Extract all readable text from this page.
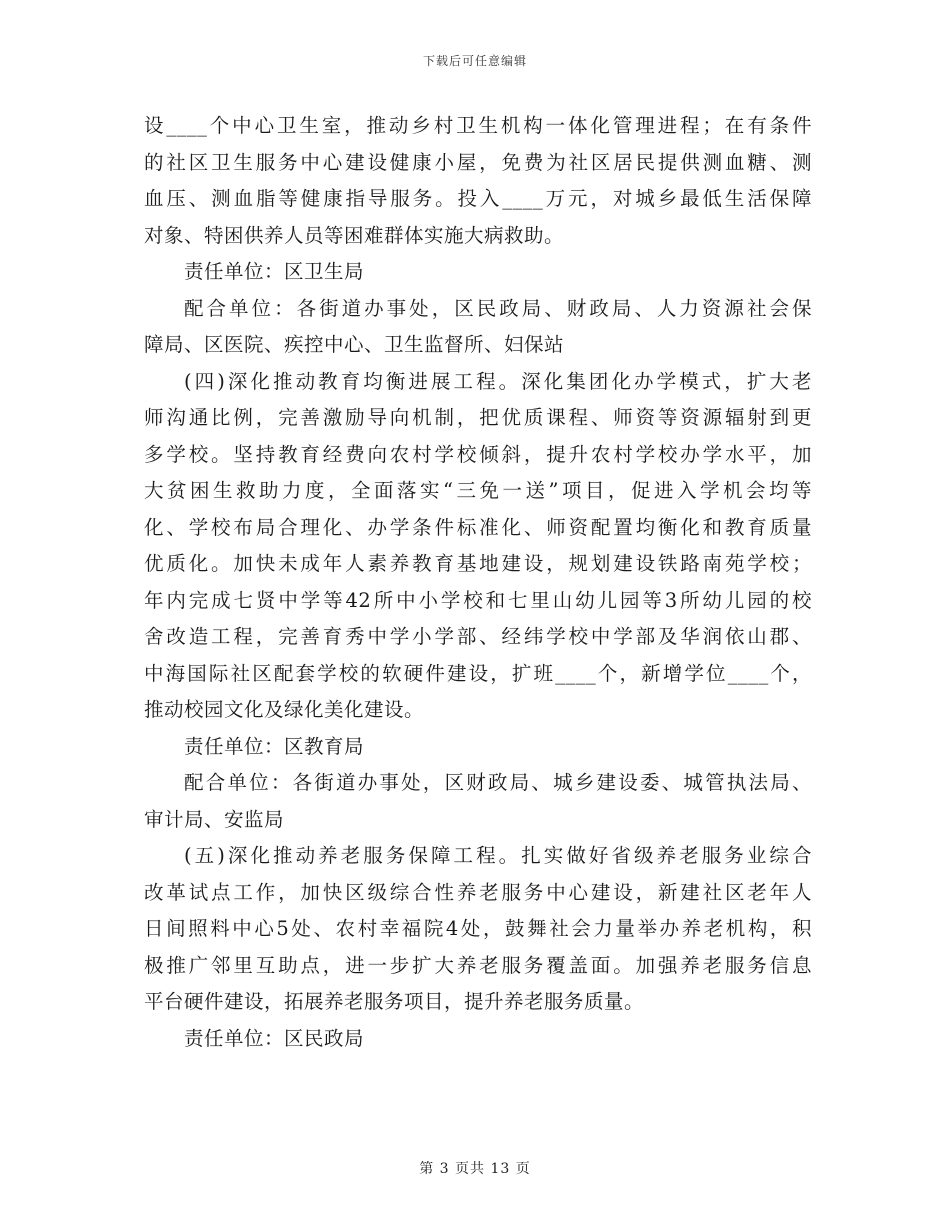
下载后可任意编辑
设____个中心卫生室，推动乡村卫生机构一体化管理进程；在有条件
的社区卫生服务中心建设健康小屋，免费为社区居民提供测血糖、测
血压、测血脂等健康指导服务。投入____万元，对城乡最低生活保障
对象、特困供养人员等困难群体实施大病救助。
责任单位：区卫生局
配合单位：各街道办事处，区民政局、财政局、人力资源社会保
障局、区医院、疾控中心、卫生监督所、妇保站
(四)深化推动教育均衡进展工程。深化集团化办学模式，扩大老
师沟通比例，完善激励导向机制，把优质课程、师资等资源辐射到更
多学校。坚持教育经费向农村学校倾斜，提升农村学校办学水平，加
大贫困生救助力度，全面落实“三免一送”项目，促进入学机会均等
化、学校布局合理化、办学条件标准化、师资配置均衡化和教育质量
优质化。加快未成年人素养教育基地建设，规划建设铁路南苑学校；
年内完成七贤中学等42所中小学校和七里山幼儿园等3所幼儿园的校
舍改造工程，完善育秀中学小学部、经纬学校中学部及华润依山郡、
中海国际社区配套学校的软硬件建设，扩班____个，新增学位____个，
推动校园文化及绿化美化建设。
责任单位：区教育局
配合单位：各街道办事处，区财政局、城乡建设委、城管执法局、
审计局、安监局
(五)深化推动养老服务保障工程。扎实做好省级养老服务业综合
改革试点工作，加快区级综合性养老服务中心建设，新建社区老年人
日间照料中心5处、农村幸福院4处，鼓舞社会力量举办养老机构，积
极推广邻里互助点，进一步扩大养老服务覆盖面。加强养老服务信息
平台硬件建设，拓展养老服务项目，提升养老服务质量。
责任单位：区民政局
第 3 页共 13 页
